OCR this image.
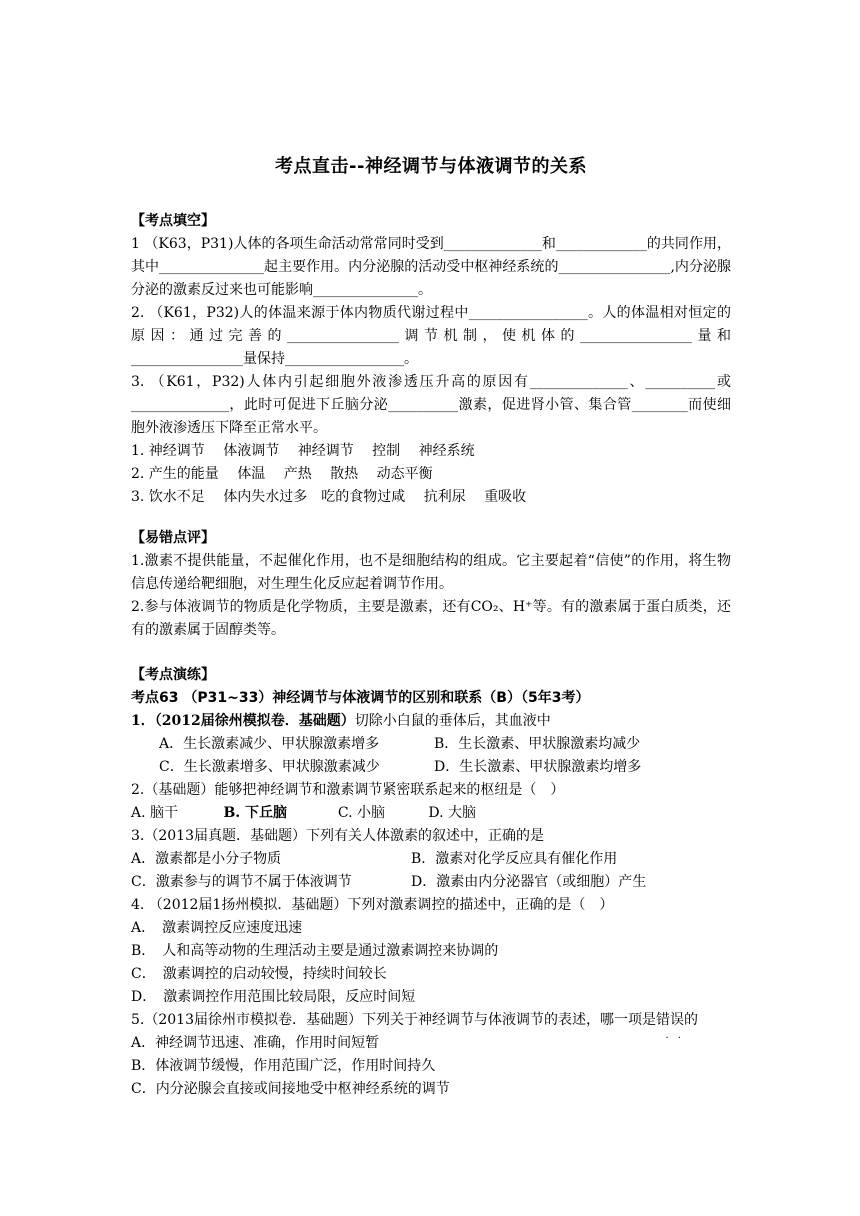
考点直击--神经调节与体液调节的关系
【考点填空】
1 （K63，P31)人体的各项生命活动常常同时受到______________和_____________的共同作用，其中_______________起主要作用。内分泌腺的活动受中枢神经系统的________________,内分泌腺分泌的激素反过来也可能影响_______________。
2. （K61，P32)人的体温来源于体内物质代谢过程中_________________。人的体温相对恒定的原因：通过完善的________________调节机制，使机体的________________量和________________量保持_________________。
3. （K61，P32)人体内引起细胞外液渗透压升高的原因有______________、__________或______________，此时可促进下丘脑分泌__________激素，促进肾小管、集合管________而使细胞外液渗透压下降至正常水平。
1. 神经调节　 体液调节　 神经调节　 控制　 神经系统
2. 产生的能量　 体温　 产热　 散热　 动态平衡
3. 饮水不足　 体内失水过多　吃的食物过咸　 抗利尿　 重吸收
【易错点评】
1.激素不提供能量，不起催化作用，也不是细胞结构的组成。它主要起着“信使”的作用，将生物信息传递给靶细胞，对生理生化反应起着调节作用。
2.参与体液调节的物质是化学物质，主要是激素，还有CO₂、H⁺等。有的激素属于蛋白质类，还有的激素属于固醇类等。
【考点演练】
考点63 （P31~33）神经调节与体液调节的区别和联系（B）（5年3考）
1．（2012届徐州模拟卷．基础题）切除小白鼠的垂体后，其血液中
A．生长激素减少、甲状腺激素增多	B．生长激素、甲状腺激素均减少
C．生长激素增多、甲状腺激素减少	D．生长激素、甲状腺激素均增多
2.（基础题）能够把神经调节和激素调节紧密联系起来的枢纽是（　）
A. 脑干	B. 下丘脑	C. 小脑	D. 大脑
3.（2013届真题．基础题）下列有关人体激素的叙述中，正确的是
A．激素都是小分子物质	B．激素对化学反应具有催化作用
C．激素参与的调节不属于体液调节	D．激素由内分泌器官（或细胞）产生
4. （2012届1扬州模拟．基础题）下列对激素调控的描述中，正确的是（　）
A．　激素调控反应速度迅速
B．　人和高等动物的生理活动主要是通过激素调控来协调的
C．　激素调控的启动较慢，持续时间较长
D．　激素调控作用范围比较局限，反应时间短
5.（2013届徐州市模拟卷．基础题）下列关于神经调节与体液调节的表述，哪一项是错误 · ·的
A．神经调节迅速、准确，作用时间短暂
B．体液调节缓慢，作用范围广泛，作用时间持久
C．内分泌腺会直接或间接地受中枢神经系统的调节
